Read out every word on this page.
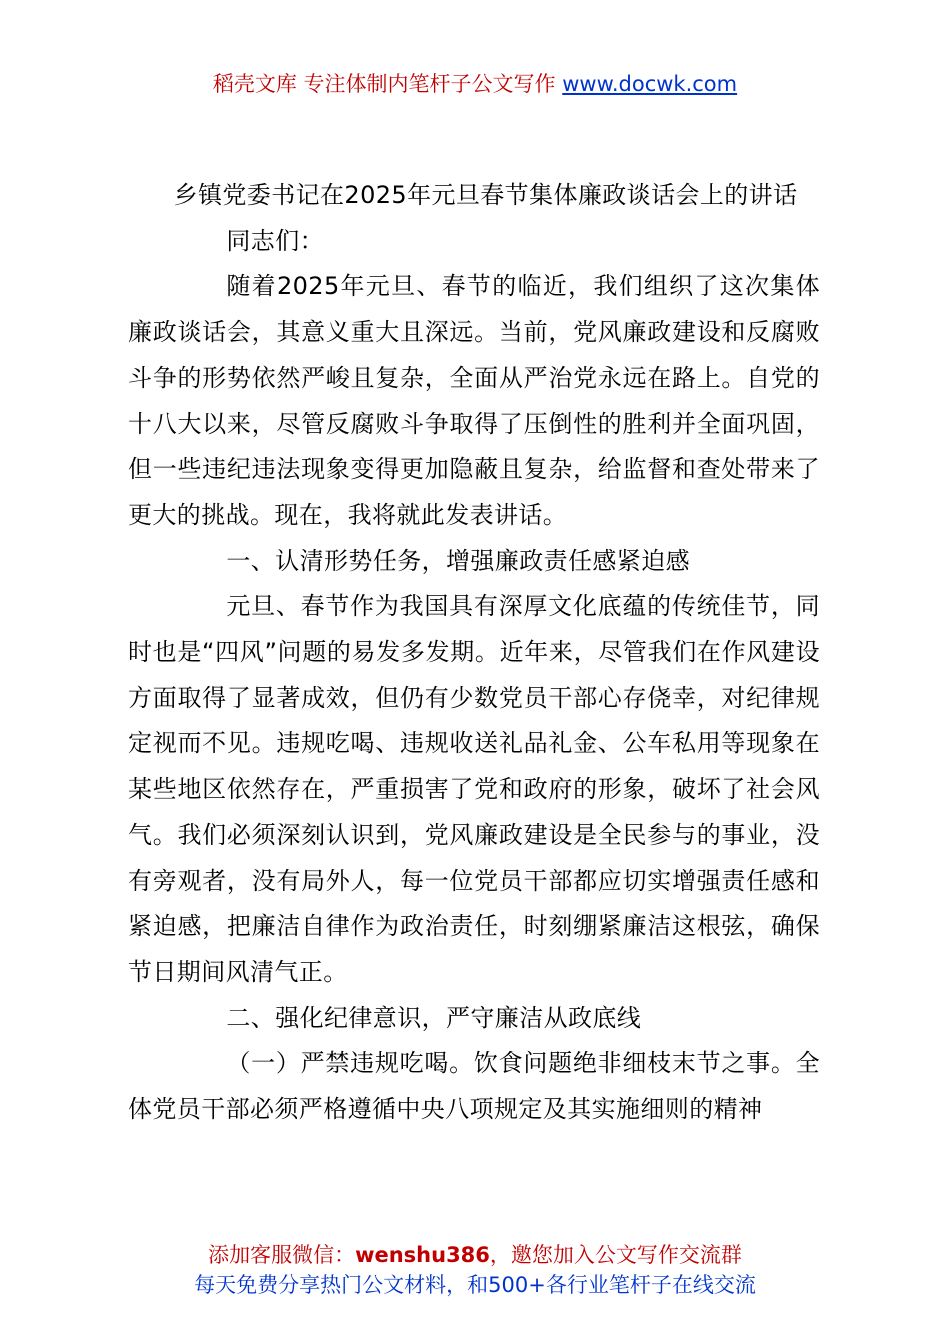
稻壳文库 专注体制内笔杆子公文写作 www.docwk.com

乡镇党委书记在2025年元旦春节集体廉政谈话会上的讲话

同志们：

随着2025年元旦、春节的临近，我们组织了这次集体廉政谈话会，其意义重大且深远。当前，党风廉政建设和反腐败斗争的形势依然严峻且复杂，全面从严治党永远在路上。自党的十八大以来，尽管反腐败斗争取得了压倒性的胜利并全面巩固，但一些违纪违法现象变得更加隐蔽且复杂，给监督和查处带来了更大的挑战。现在，我将就此发表讲话。

一、认清形势任务，增强廉政责任感紧迫感

元旦、春节作为我国具有深厚文化底蕴的传统佳节，同时也是“四风”问题的易发多发期。近年来，尽管我们在作风建设方面取得了显著成效，但仍有少数党员干部心存侥幸，对纪律规定视而不见。违规吃喝、违规收送礼品礼金、公车私用等现象在某些地区依然存在，严重损害了党和政府的形象，破坏了社会风气。我们必须深刻认识到，党风廉政建设是全民参与的事业，没有旁观者，没有局外人，每一位党员干部都应切实增强责任感和紧迫感，把廉洁自律作为政治责任，时刻绷紧廉洁这根弦，确保节日期间风清气正。

二、强化纪律意识，严守廉洁从政底线

（一）严禁违规吃喝。饮食问题绝非细枝末节之事。全体党员干部必须严格遵循中央八项规定及其实施细则的精神

添加客服微信：wenshu386，邀您加入公文写作交流群
每天免费分享热门公文材料，和500+各行业笔杆子在线交流
